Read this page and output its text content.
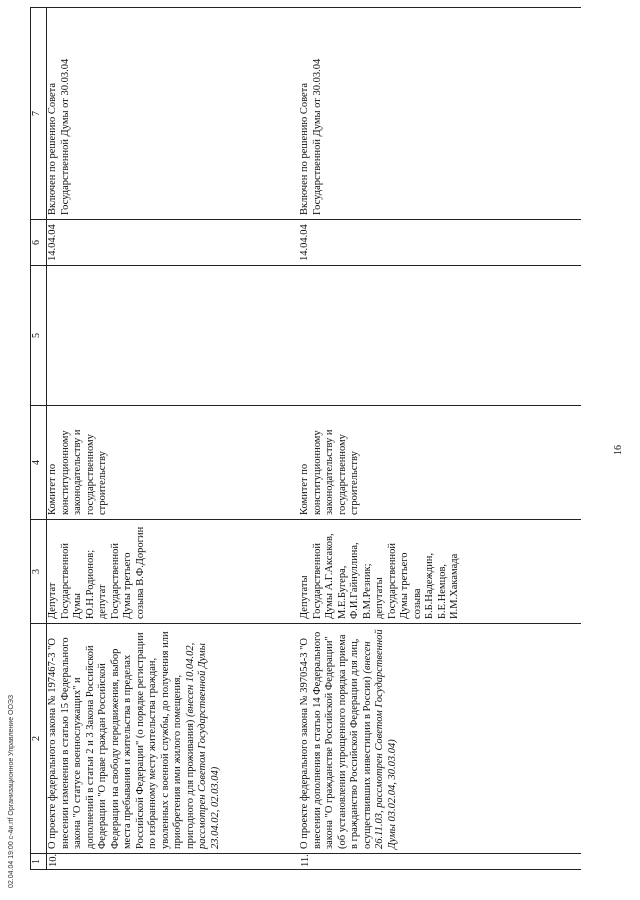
02.04.04 19:00 с-4и.rtf Организационное Управление ООЭЗ 1	2	3	4	5	6	7
10.	О проекте федерального закона № 197467-3 "О внесении изменения в статью 15 Федерального закона "О статусе военнослужащих" и дополнений в статьи 2 и 3 Закона Российской Федерации "О праве граждан Российской Федерации на свободу передвижения, выбор места пребывания и жительства в пределах Российской Федерации" (о порядке регистрации по избранному месту жительства граждан, уволенных с военной службы, до получения или приобретения ими жилого помещения, пригодного для проживания) (внесен 10.04.02, рассмотрен Советом Государственной Думы 23.04.02, 02.03.04)	Депутат Государственной Думы Ю.Н.Родионов; депутат Государственной Думы третьего созыва В.Ф.Дорогин	Комитет по конституционному законодательству и государственному строительству		14.04.04	Включен по решению Совета Государственной Думы от 30.03.04
11.	О проекте федерального закона № 397054-3 "О внесении дополнения в статью 14 Федерального закона "О гражданстве Российской Федерации" (об установлении упрощенного порядка приема в гражданство Российской Федерации для лиц, осуществивших инвестиции в России) (внесен 26.11.03, рассмотрен Советом Государственной Думы 03.02.04, 30.03.04)	Депутаты Государственной Думы А.Г.Аксаков, М.Е.Бугера, Ф.И.Гайнуллина, В.М.Резник; депутаты Государственной Думы третьего созыва Б.Б.Надеждин, Б.Е.Немцов, И.М.Хакамада	Комитет по конституционному законодательству и государственному строительству		14.04.04	Включен по решению Совета Государственной Думы от 30.03.04
16
